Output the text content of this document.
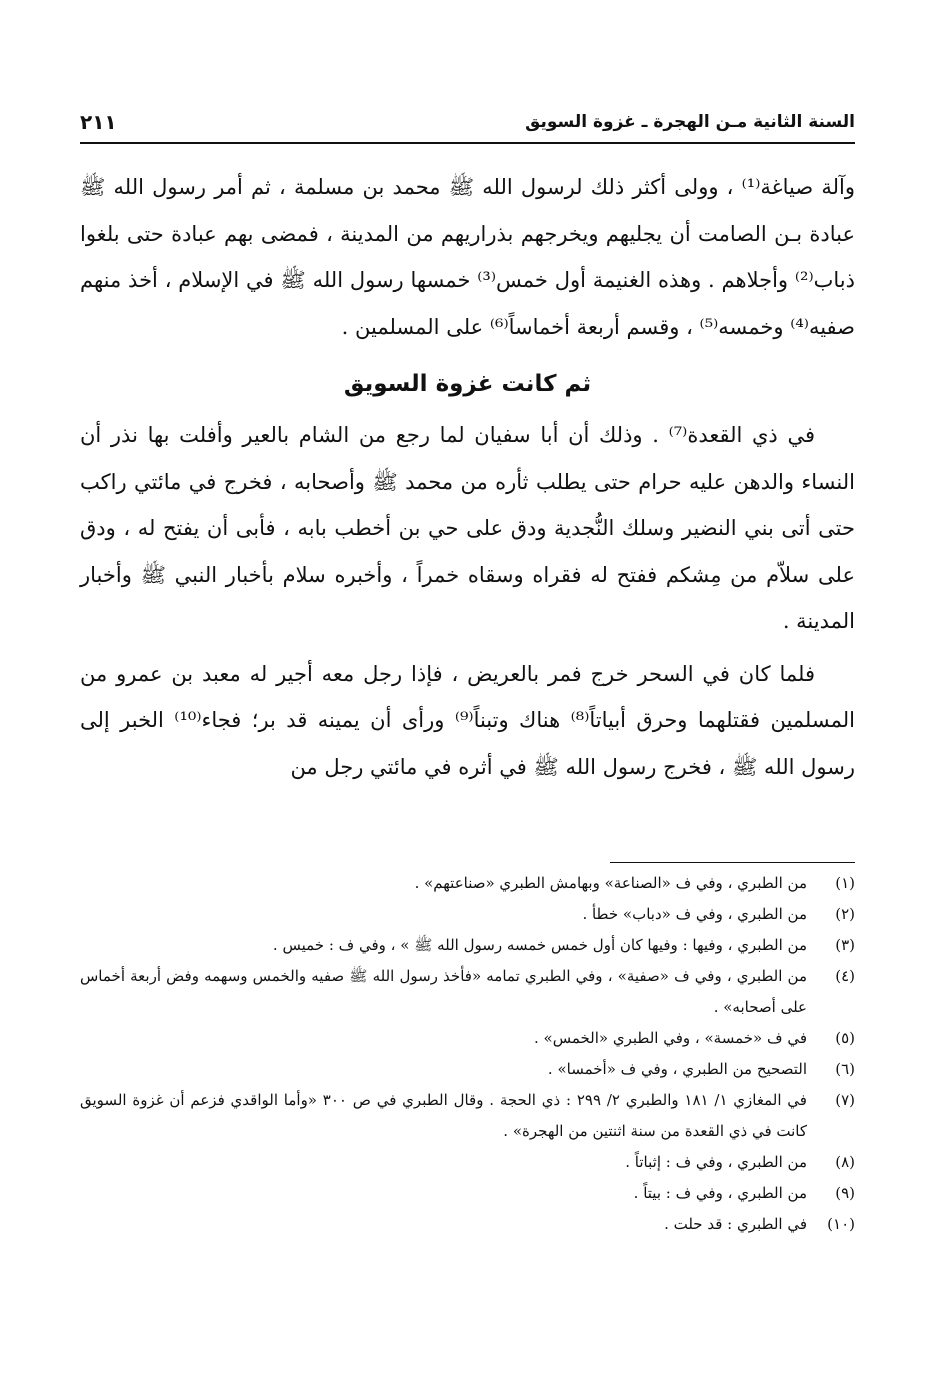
السنة الثانية مـن الهجرة ـ غزوة السويق
٢١١

وآلة صياغة⁽¹⁾ ، وولى أكثر ذلك لرسول الله ﷺ محمد بن مسلمة ، ثم أمر رسول الله ﷺ عبادة بـن الصامت أن يجليهم ويخرجهم بذراريهم من المدينة ، فمضى بهم عبادة حتى بلغوا ذباب⁽²⁾ وأجلاهم . وهذه الغنيمة أول خمس⁽³⁾ خمسها رسول الله ﷺ في الإسلام ، أخذ منهم صفيه⁽⁴⁾ وخمسه⁽⁵⁾ ، وقسم أربعة أخماساً⁽⁶⁾ على المسلمين .

ثم كانت غزوة السويق

في ذي القعدة⁽⁷⁾ . وذلك أن أبا سفيان لما رجع من الشام بالعير وأفلت بها نذر أن النساء والدهن عليه حرام حتى يطلب ثأره من محمد ﷺ وأصحابه ، فخرج في مائتي راكب حتى أتى بني النضير وسلك النُّجدية ودق على حي بن أخطب بابه ، فأبى أن يفتح له ، ودق على سلاّم من مِشكم ففتح له فقراه وسقاه خمراً ، وأخبره سلام بأخبار النبي ﷺ وأخبار المدينة .

فلما كان في السحر خرج فمر بالعريض ، فإذا رجل معه أجير له معبد بن عمرو من المسلمين فقتلهما وحرق أبياتاً⁽⁸⁾ هناك وتبناً⁽⁹⁾ ورأى أن يمينه قد بر؛ فجاء⁽¹⁰⁾ الخبر إلى رسول الله ﷺ ، فخرج رسول الله ﷺ في أثره في مائتي رجل من

(١)من الطبري ، وفي ف «الصناعة» وبهامش الطبري «صناعتهم» .
(٢)من الطبري ، وفي ف «دباب» خطأ .
(٣)من الطبري ، وفيها : وفيها كان أول خمس خمسه رسول الله ﷺ » ، وفي ف : خميس .
(٤)من الطبري ، وفي ف «صفية» ، وفي الطبري تمامه «فأخذ رسول الله ﷺ صفيه والخمس وسهمه وفض أربعة أخماس على أصحابه» .
(٥)في ف «خمسة» ، وفي الطبري «الخمس» .
(٦)التصحيح من الطبري ، وفي ف «أخمسا» .
(٧)في المغازي ١/ ١٨١ والطبري ٢/ ٢٩٩ : ذي الحجة . وقال الطبري في ص ٣٠٠ «وأما الواقدي فزعم أن غزوة السويق كانت في ذي القعدة من سنة اثنتين من الهجرة» .
(٨)من الطبري ، وفي ف : إثباتاً .
(٩)من الطبري ، وفي ف : بيتاً .
(١٠)في الطبري : قد حلت .
